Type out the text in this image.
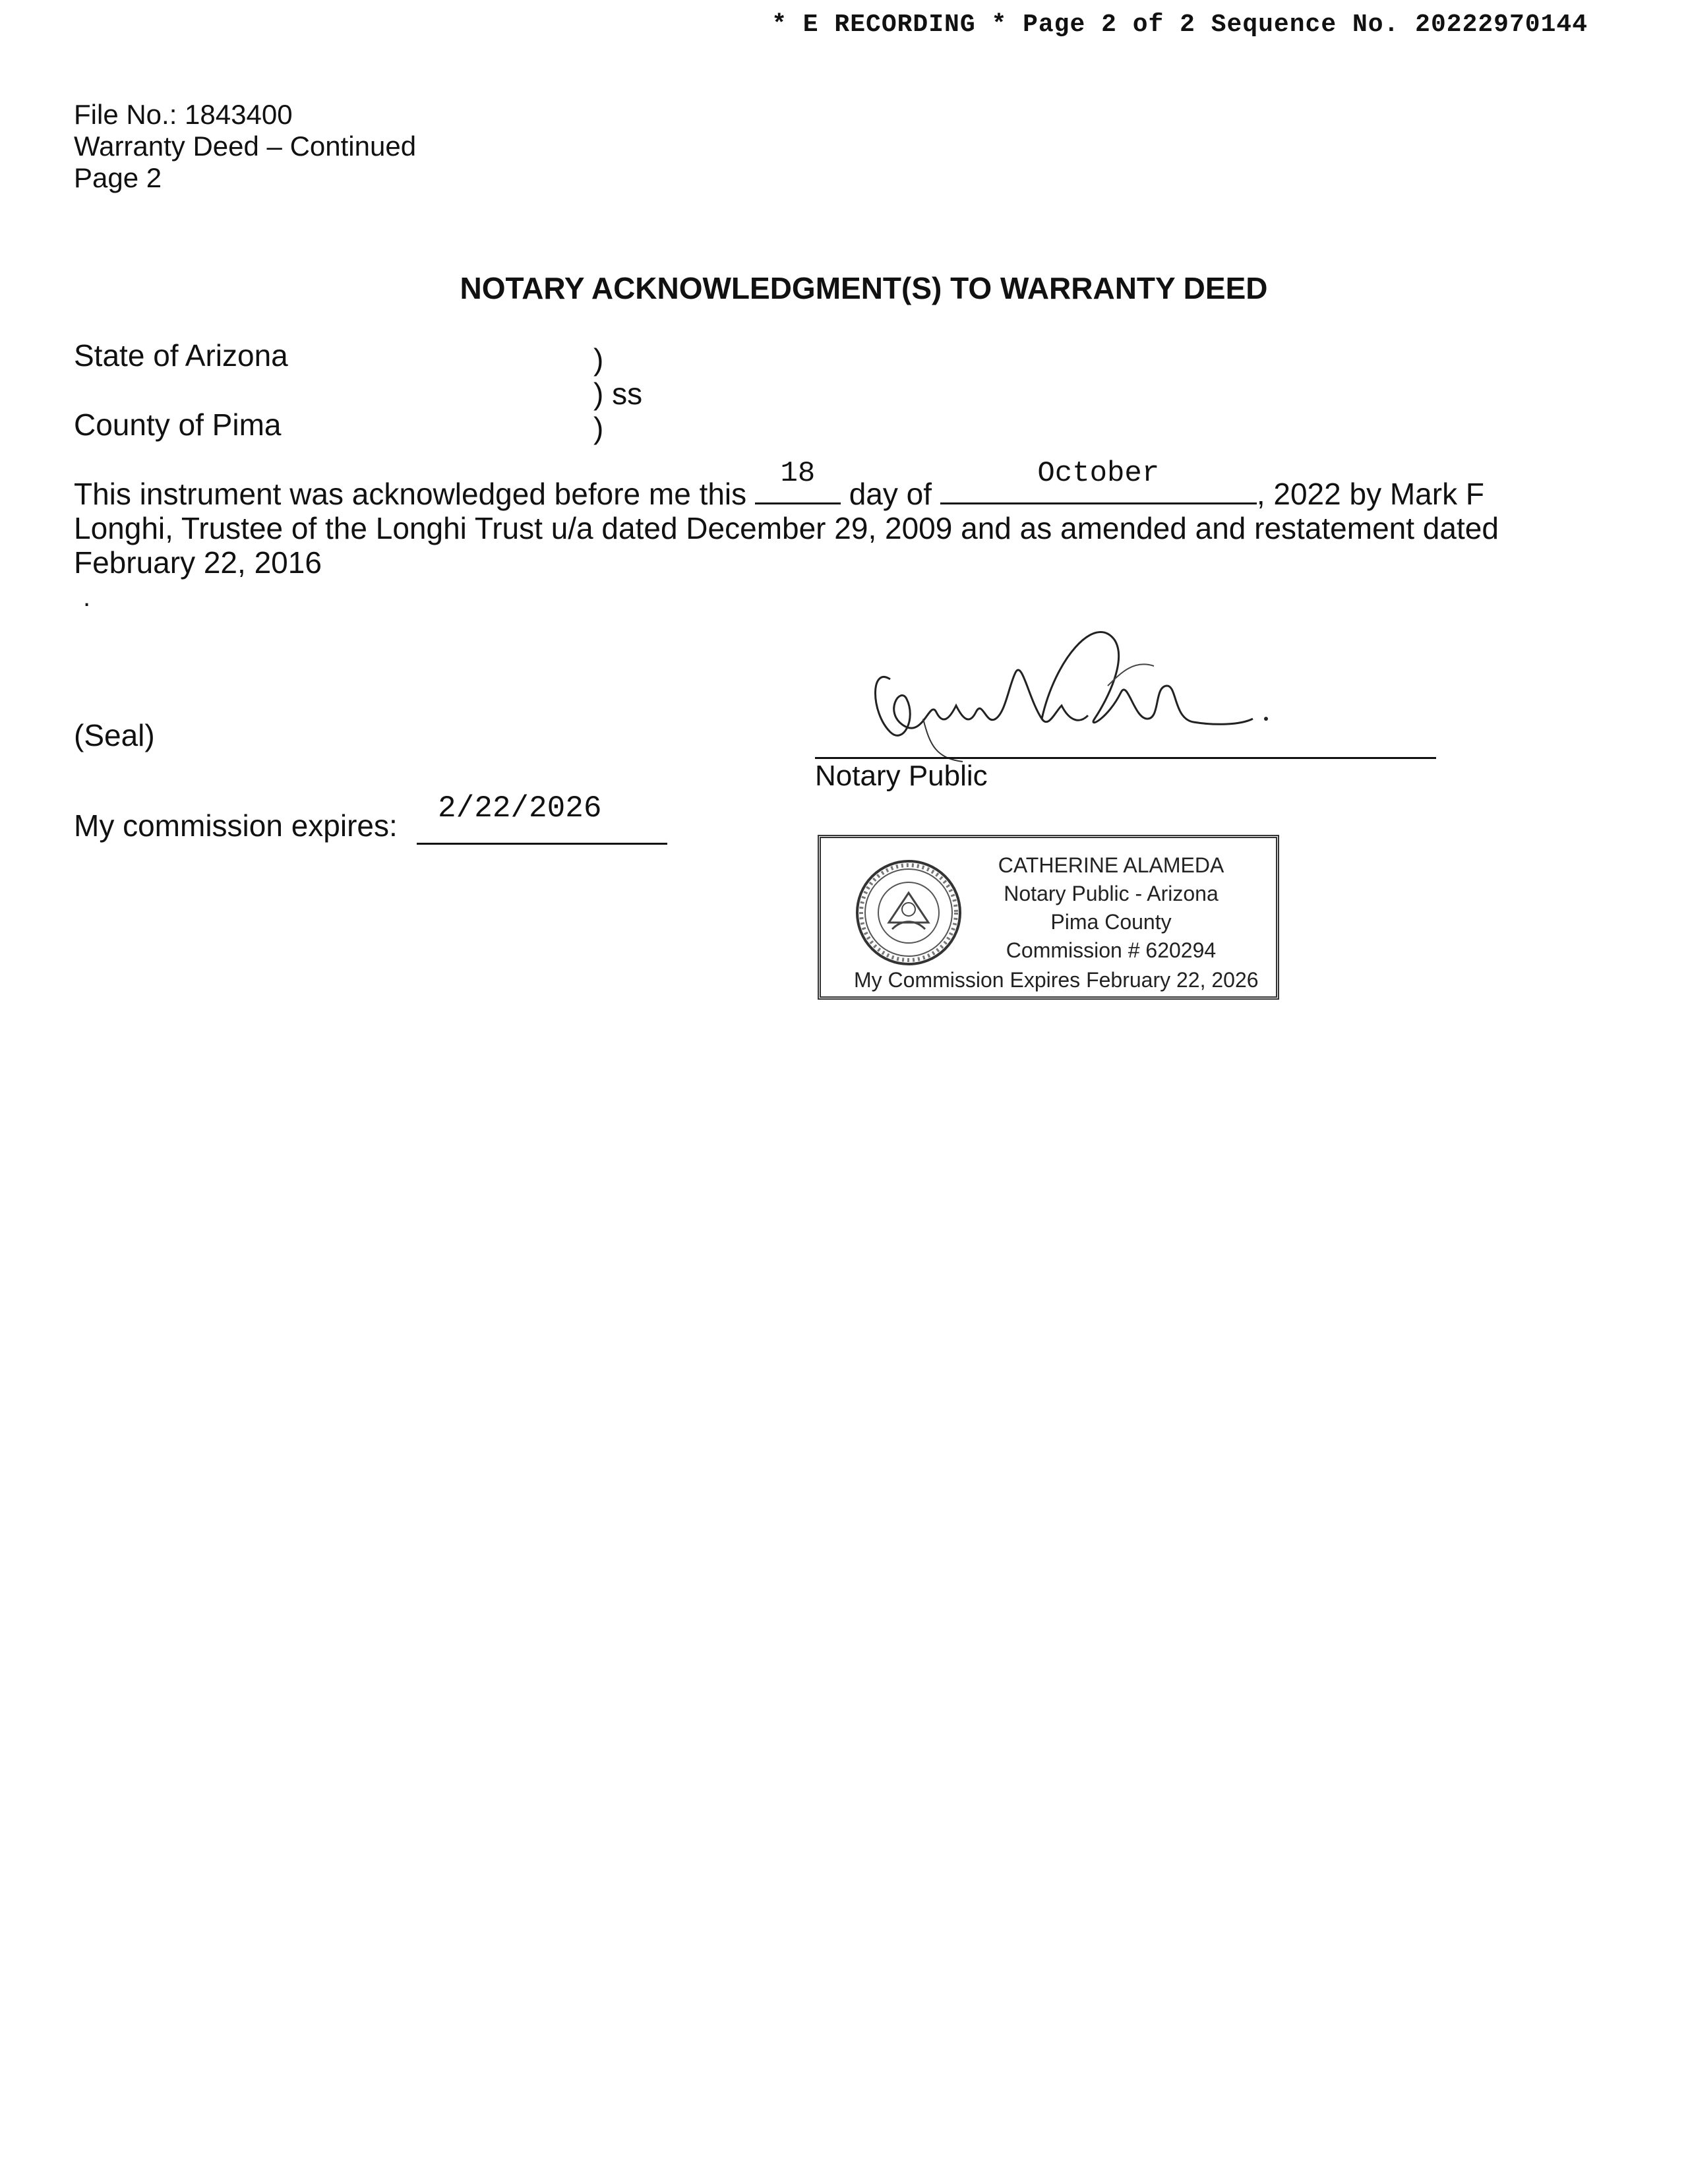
* E RECORDING * Page 2 of 2 Sequence No. 20222970144
File No.: 1843400
Warranty Deed – Continued
Page 2
NOTARY ACKNOWLEDGMENT(S) TO WARRANTY DEED
State of Arizona
County of Pima
)
) ss
)
This instrument was acknowledged before me this
18
day of
October
, 2022 by Mark F Longhi, Trustee of the Longhi Trust u/a dated December 29, 2009 and as amended and restatement dated February 22, 2016
.
(Seal)
My commission expires: 2/22/2026
Notary Public
CATHERINE ALAMEDA
Notary Public - Arizona
Pima County
Commission # 620294
My Commission Expires February 22, 2026
